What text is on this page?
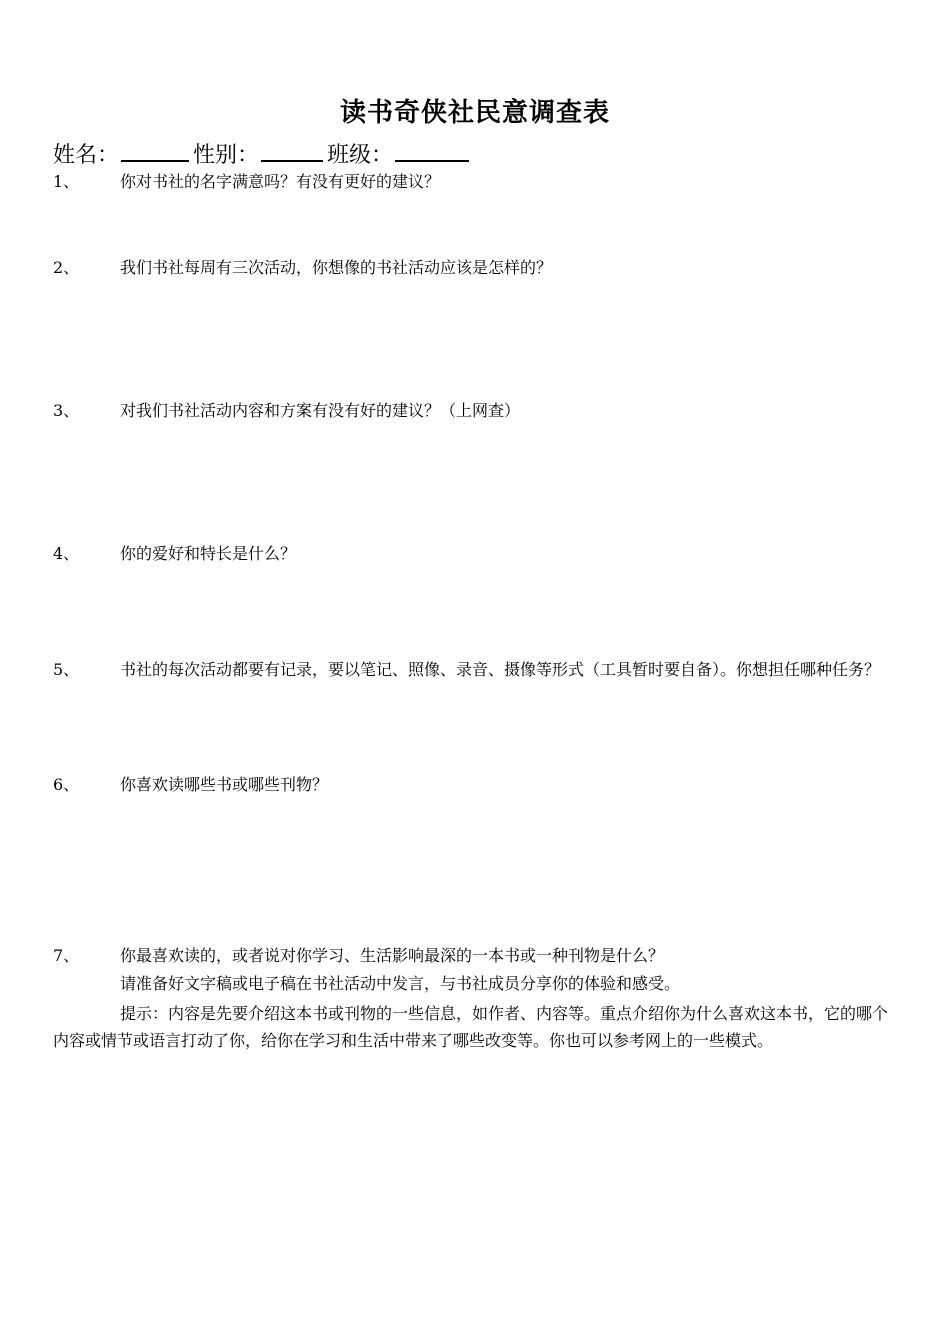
读书奇侠社民意调查表
姓名：	性别：	班级：
1、	你对书社的名字满意吗？有没有更好的建议？
2、	我们书社每周有三次活动，你想像的书社活动应该是怎样的？
3、	对我们书社活动内容和方案有没有好的建议？（上网查）
4、	你的爱好和特长是什么？
5、	书社的每次活动都要有记录，要以笔记、照像、录音、摄像等形式（工具暂时要自备）。你想担任哪种任务？
6、	你喜欢读哪些书或哪些刊物？
7、	你最喜欢读的，或者说对你学习、生活影响最深的一本书或一种刊物是什么？
请准备好文字稿或电子稿在书社活动中发言，与书社成员分享你的体验和感受。
提示：内容是先要介绍这本书或刊物的一些信息，如作者、内容等。重点介绍你为什么喜欢这本书，它的哪个内容或情节或语言打动了你，给你在学习和生活中带来了哪些改变等。你也可以参考网上的一些模式。
